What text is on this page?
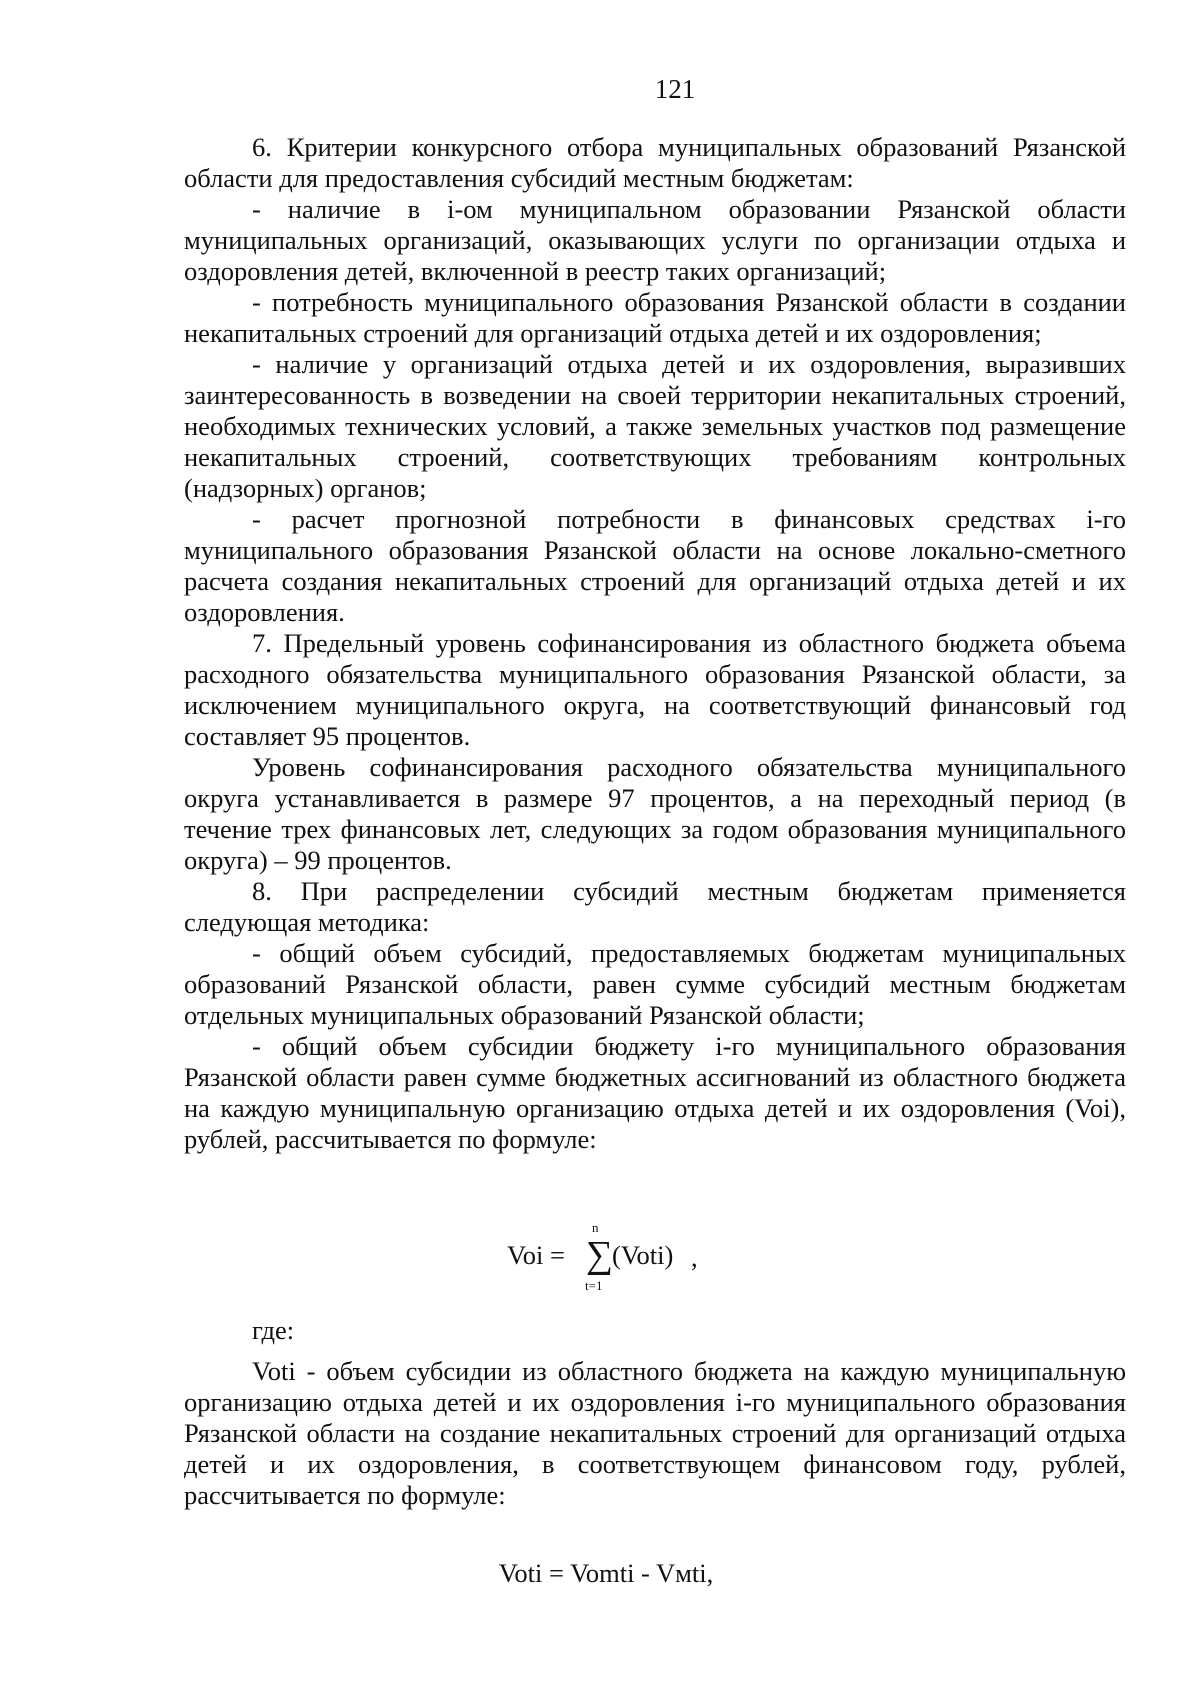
121

6. Критерии конкурсного отбора муниципальных образований Рязанской области для предоставления субсидий местным бюджетам:

- наличие в i-ом муниципальном образовании Рязанской области муниципальных организаций, оказывающих услуги по организации отдыха и оздоровления детей, включенной в реестр таких организаций;

- потребность муниципального образования Рязанской области в создании некапитальных строений для организаций отдыха детей и их оздоровления;

- наличие у организаций отдыха детей и их оздоровления, выразивших заинтересованность в возведении на своей территории некапитальных строений, необходимых технических условий, а также земельных участков под размещение некапитальных строений, соответствующих требованиям контрольных (надзорных) органов;

- расчет прогнозной потребности в финансовых средствах i-го муниципального образования Рязанской области на основе локально-сметного расчета создания некапитальных строений для организаций отдыха детей и их оздоровления.

7. Предельный уровень софинансирования из областного бюджета объема расходного обязательства муниципального образования Рязанской области, за исключением муниципального округа, на соответствующий финансовый год составляет 95 процентов.

Уровень софинансирования расходного обязательства муниципального округа устанавливается в размере 97 процентов, а на переходный период (в течение трех финансовых лет, следующих за годом образования муниципального округа) – 99 процентов.

8. При распределении субсидий местным бюджетам применяется следующая методика:

- общий объем субсидий, предоставляемых бюджетам муниципальных образований Рязанской области, равен сумме субсидий местным бюджетам отдельных муниципальных образований Рязанской области;

- общий объем субсидии бюджету i-го муниципального образования Рязанской области равен сумме бюджетных ассигнований из областного бюджета на каждую муниципальную организацию отдыха детей и их оздоровления (Voi), рублей, рассчитывается по формуле:

Voi =
n
∑
t=1
(Voti) ,

где:

Voti - объем субсидии из областного бюджета на каждую муниципальную организацию отдыха детей и их оздоровления i-го муниципального образования Рязанской области на создание некапитальных строений для организаций отдыха детей и их оздоровления, в соответствующем финансовом году, рублей, рассчитывается по формуле:

Voti = Vomti - Vмti,
